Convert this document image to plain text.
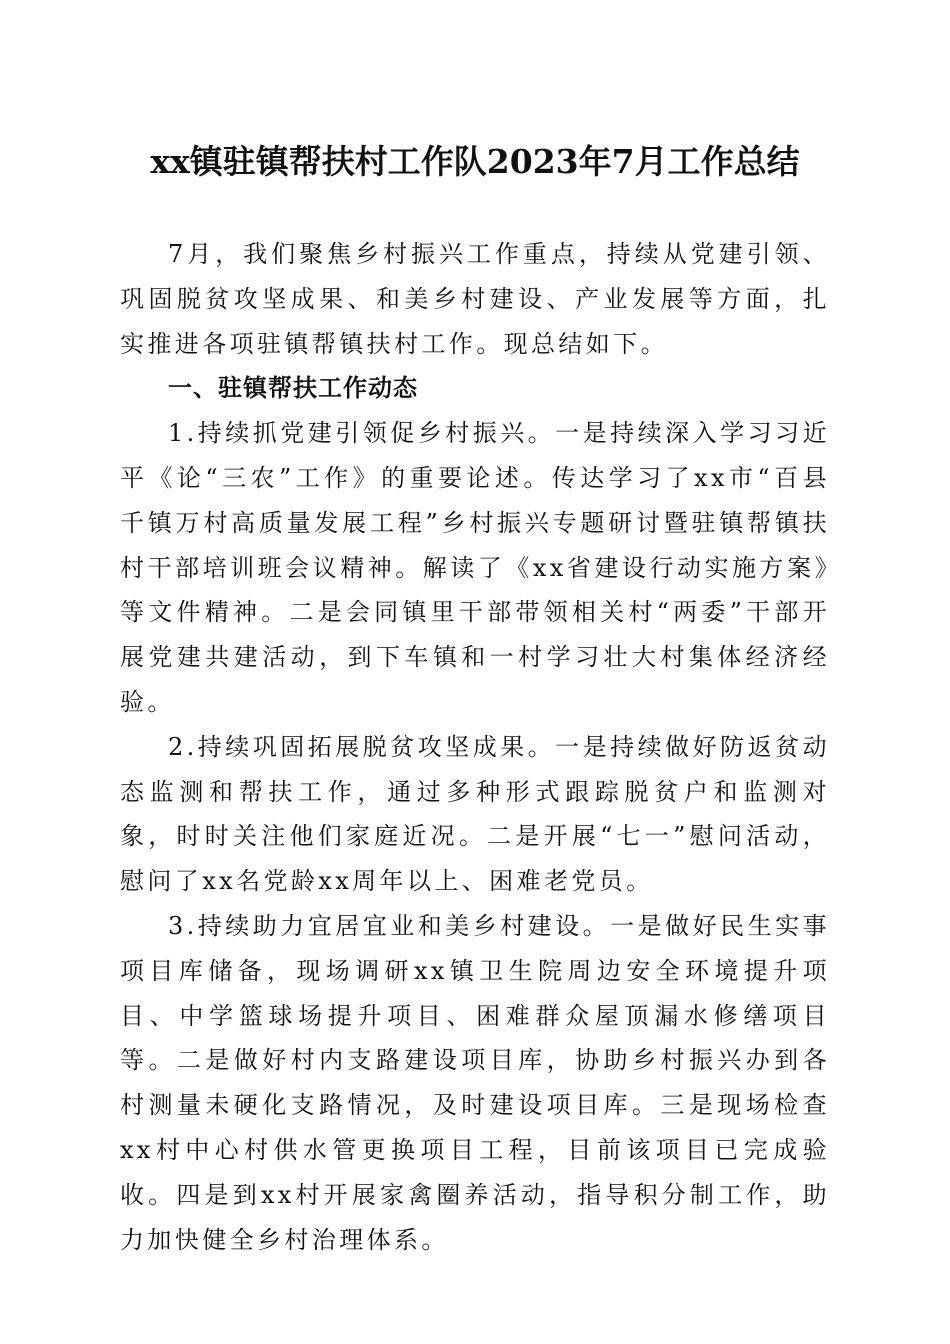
xx镇驻镇帮扶村工作队2023年7月工作总结

7月，我们聚焦乡村振兴工作重点，持续从党建引领、巩固脱贫攻坚成果、和美乡村建设、产业发展等方面，扎实推进各项驻镇帮镇扶村工作。现总结如下。

一、驻镇帮扶工作动态

1.持续抓党建引领促乡村振兴。一是持续深入学习习近平《论“三农”工作》的重要论述。传达学习了xx市“百县千镇万村高质量发展工程”乡村振兴专题研讨暨驻镇帮镇扶村干部培训班会议精神。解读了《xx省建设行动实施方案》等文件精神。二是会同镇里干部带领相关村“两委”干部开展党建共建活动，到下车镇和一村学习壮大村集体经济经验。

2.持续巩固拓展脱贫攻坚成果。一是持续做好防返贫动态监测和帮扶工作，通过多种形式跟踪脱贫户和监测对象，时时关注他们家庭近况。二是开展“七一”慰问活动，慰问了xx名党龄xx周年以上、困难老党员。

3.持续助力宜居宜业和美乡村建设。一是做好民生实事项目库储备，现场调研xx镇卫生院周边安全环境提升项目、中学篮球场提升项目、困难群众屋顶漏水修缮项目等。二是做好村内支路建设项目库，协助乡村振兴办到各村测量未硬化支路情况，及时建设项目库。三是现场检查xx村中心村供水管更换项目工程，目前该项目已完成验收。四是到xx村开展家禽圈养活动，指导积分制工作，助力加快健全乡村治理体系。
